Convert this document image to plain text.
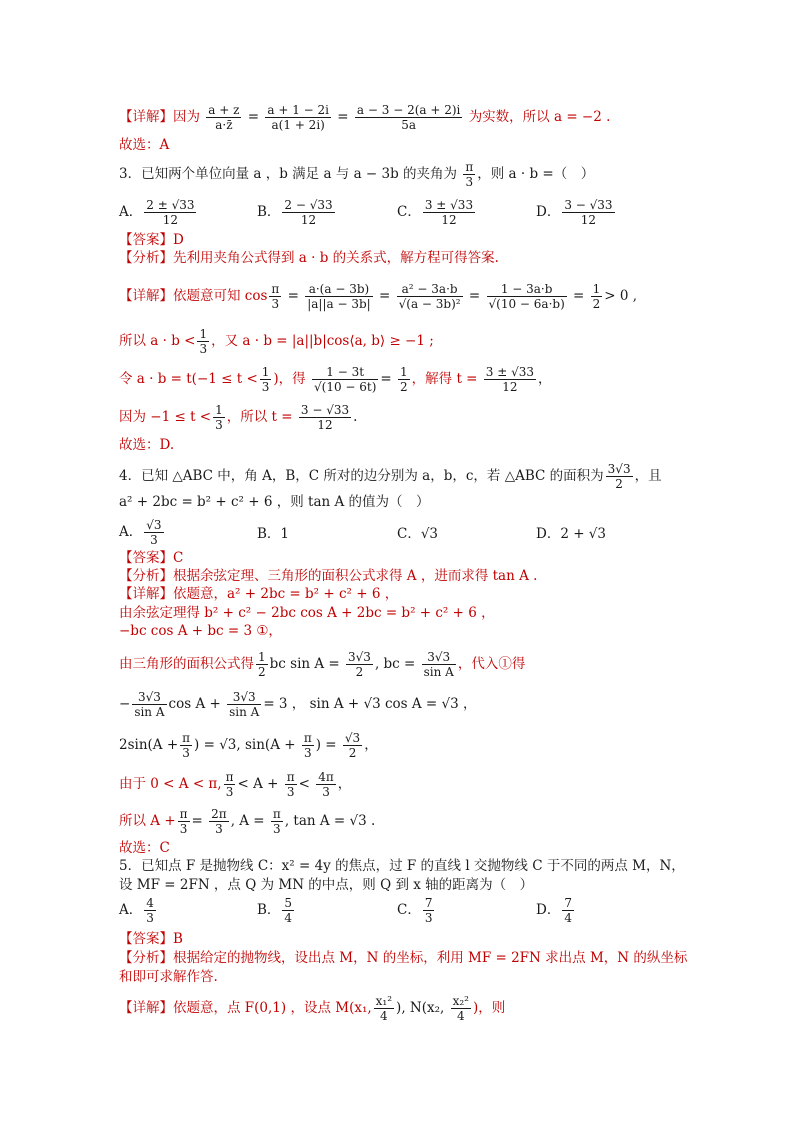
【详解】因为 $\frac{a + z}{a\cdot z̄} = \frac{a + 1 - 2i}{a(1 + 2i)} = \frac{a - 3 - 2(a + 2)i}{5a}$ 为实数，所以 a = −2 .
故选：A
3．已知两个单位向量 a ，b 满足 a 与 a − 3b 的夹角为 $\frac{\pi}{3}$ ，则 a · b =（　）
A． $\frac{2 \pm √33}{12}$	B． $\frac{2 - √33}{12}$	C． $\frac{3 \pm √33}{12}$	D． $\frac{3 - √33}{12}$
【答案】D
【分析】先利用夹角公式得到 a · b 的关系式，解方程可得答案.
【详解】依题意可知 $\cos \frac{\pi}{3} = \frac{a\cdot(a - 3b)}{|a||a - 3b|} = \frac{\text{a² − 3a·b}}{\text{√(a − 3b)²}} = \frac{1 - 3a\cdot b}{√(10 - 6a\cdot b)} = \frac{1}{2} > 0$ ,
所以 $a \cdot b < \frac{1}{3}$ ，又 a · b = |a||b|cos⟨a, b⟩ ≥ −1 ;
令 $a \cdot b = t(-1 \le t < \frac{1}{3}$ )，得 $\frac{1 - 3t}{√(10 - 6t)} = \frac{1}{2}$ ，解得 $t = \frac{3 \pm √33}{12}$ ，
因为 $-1 \le t < \frac{1}{3}$ ，所以 $t = \frac{3 - √33}{12}$ .
故选：D.
4．已知 △ABC 中，角 A，B，C 所对的边分别为 a，b，c，若 △ABC 的面积为 $\frac{3√3}{2}$ ，且
a² + 2bc = b² + c² + 6 ，则 tan A 的值为（　）
A． $\frac{√3}{3}$	B．1	C．√3	D．2 + √3
【答案】C
【分析】根据余弦定理、三角形的面积公式求得 A ，进而求得 tan A .
【详解】依题意，a² + 2bc = b² + c² + 6 ，
由余弦定理得 b² + c² − 2bc cos A + 2bc = b² + c² + 6 ，
−bc cos A + bc = 3 ①，
由三角形的面积公式得 $\frac{1}{2}$ bc $\sin A = \frac{3√3}{2}$ , bc = $\frac{3√3}{\text{sin A}}$ ，代入①得
− $\frac{3√3}{\text{sin A}}$ $\cos A + \frac{3√3}{\text{sin A}} = 3$ ， sin A + √3 cos A = √3 ，
$2\sin(A + \frac{\pi}{3}$ ) = √3, $\sin(A + \frac{\pi}{3}$ ) = $\frac{√3}{2}$ ，
由于 0 < A < π, $\frac{\pi}{3} < A + \frac{\pi}{3} < \frac{4\pi}{3}$ ，
所以 $A + \frac{\pi}{3} = \frac{2\pi}{3}$ , $A = \frac{\pi}{3}$ , tan A = √3 .
故选：C
5．已知点 F 是抛物线 C：x² = 4y 的焦点，过 F 的直线 l 交抛物线 C 于不同的两点 M，N，
设 MF = 2FN ，点 Q 为 MN 的中点，则 Q 到 x 轴的距离为（　）
A． $\frac{4}{3}$	B． $\frac{5}{4}$	C． $\frac{7}{3}$	D． $\frac{7}{4}$
【答案】B
【分析】根据给定的抛物线，设出点 M，N 的坐标，利用 MF = 2FN 求出点 M，N 的纵坐标
和即可求解作答.
【详解】依题意，点 F(0,1) ，设点 M(x₁, $\frac{\text{x₁²}}{4}$ ), N(x₂, $\frac{\text{x₂²}}{4}$ )，则
